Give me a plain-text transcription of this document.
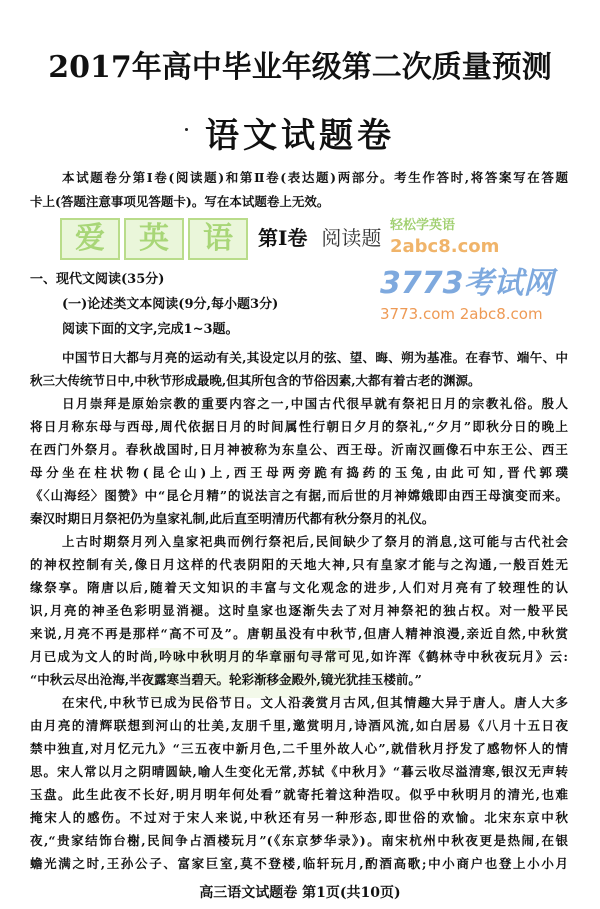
2017年高中毕业年级第二次质量预测
语文试题卷
本试题卷分第Ⅰ卷(阅读题)和第Ⅱ卷(表达题)两部分。考生作答时,将答案写在答题
卡上(答题注意事项见答题卡)。写在本试题卷上无效。
爱	英	语	第Ⅰ卷 阅读题
轻松学英语
2abc8.com
一、现代文阅读(35分)
(一)论述类文本阅读(9分,每小题3分)
阅读下面的文字,完成1~3题。
3773考试网
3773.com 2abc8.com
中国节日大都与月亮的运动有关,其设定以月的弦、望、晦、朔为基准。在春节、端午、中
秋三大传统节日中,中秋节形成最晚,但其所包含的节俗因素,大都有着古老的渊源。
日月崇拜是原始宗教的重要内容之一,中国古代很早就有祭祀日月的宗教礼俗。殷人
将日月称东母与西母,周代依据日月的时间属性行朝日夕月的祭礼,“夕月”即秋分日的晚上
在西门外祭月。春秋战国时,日月神被称为东皇公、西王母。沂南汉画像石中东王公、西王
母分坐在柱状物(昆仑山)上,西王母两旁跪有捣药的玉兔,由此可知,晋代郭璞
《〈山海经〉图赞》中“昆仑月精”的说法言之有据,而后世的月神嫦娥即由西王母演变而来。
秦汉时期日月祭祀仍为皇家礼制,此后直至明清历代都有秋分祭月的礼仪。
上古时期祭月列入皇家祀典而例行祭祀后,民间缺少了祭月的消息,这可能与古代社会
的神权控制有关,像日月这样的代表阴阳的天地大神,只有皇家才能与之沟通,一般百姓无
缘祭享。隋唐以后,随着天文知识的丰富与文化观念的进步,人们对月亮有了较理性的认
识,月亮的神圣色彩明显消褪。这时皇家也逐渐失去了对月神祭祀的独占权。对一般平民
来说,月亮不再是那样“高不可及”。唐朝虽没有中秋节,但唐人精神浪漫,亲近自然,中秋赏
月已成为文人的时尚,吟咏中秋明月的华章丽句寻常可见,如许浑《鹤林寺中秋夜玩月》云:
“中秋云尽出沧海,半夜露寒当碧天。轮彩渐移金殿外,镜光犹挂玉楼前。”
在宋代,中秋节已成为民俗节日。文人沿袭赏月古风,但其情趣大异于唐人。唐人大多
由月亮的清辉联想到河山的壮美,友朋千里,邀赏明月,诗酒风流,如白居易《八月十五日夜
禁中独直,对月忆元九》“三五夜中新月色,二千里外故人心”,就借秋月抒发了感物怀人的情
思。宋人常以月之阴晴圆缺,喻人生变化无常,苏轼《中秋月》“暮云收尽溢清寒,银汉无声转
玉盘。此生此夜不长好,明月明年何处看”就寄托着这种浩叹。似乎中秋明月的清光,也难
掩宋人的感伤。不过对于宋人来说,中秋还有另一种形态,即世俗的欢愉。北宋东京中秋
夜,“贵家结饰台榭,民间争占酒楼玩月”(《东京梦华录》)。南宋杭州中秋夜更是热闹,在银
蟾光满之时,王孙公子、富家巨室,莫不登楼,临轩玩月,酌酒高歌;中小商户也登上小小月
高三语文试题卷 第1页(共10页)
